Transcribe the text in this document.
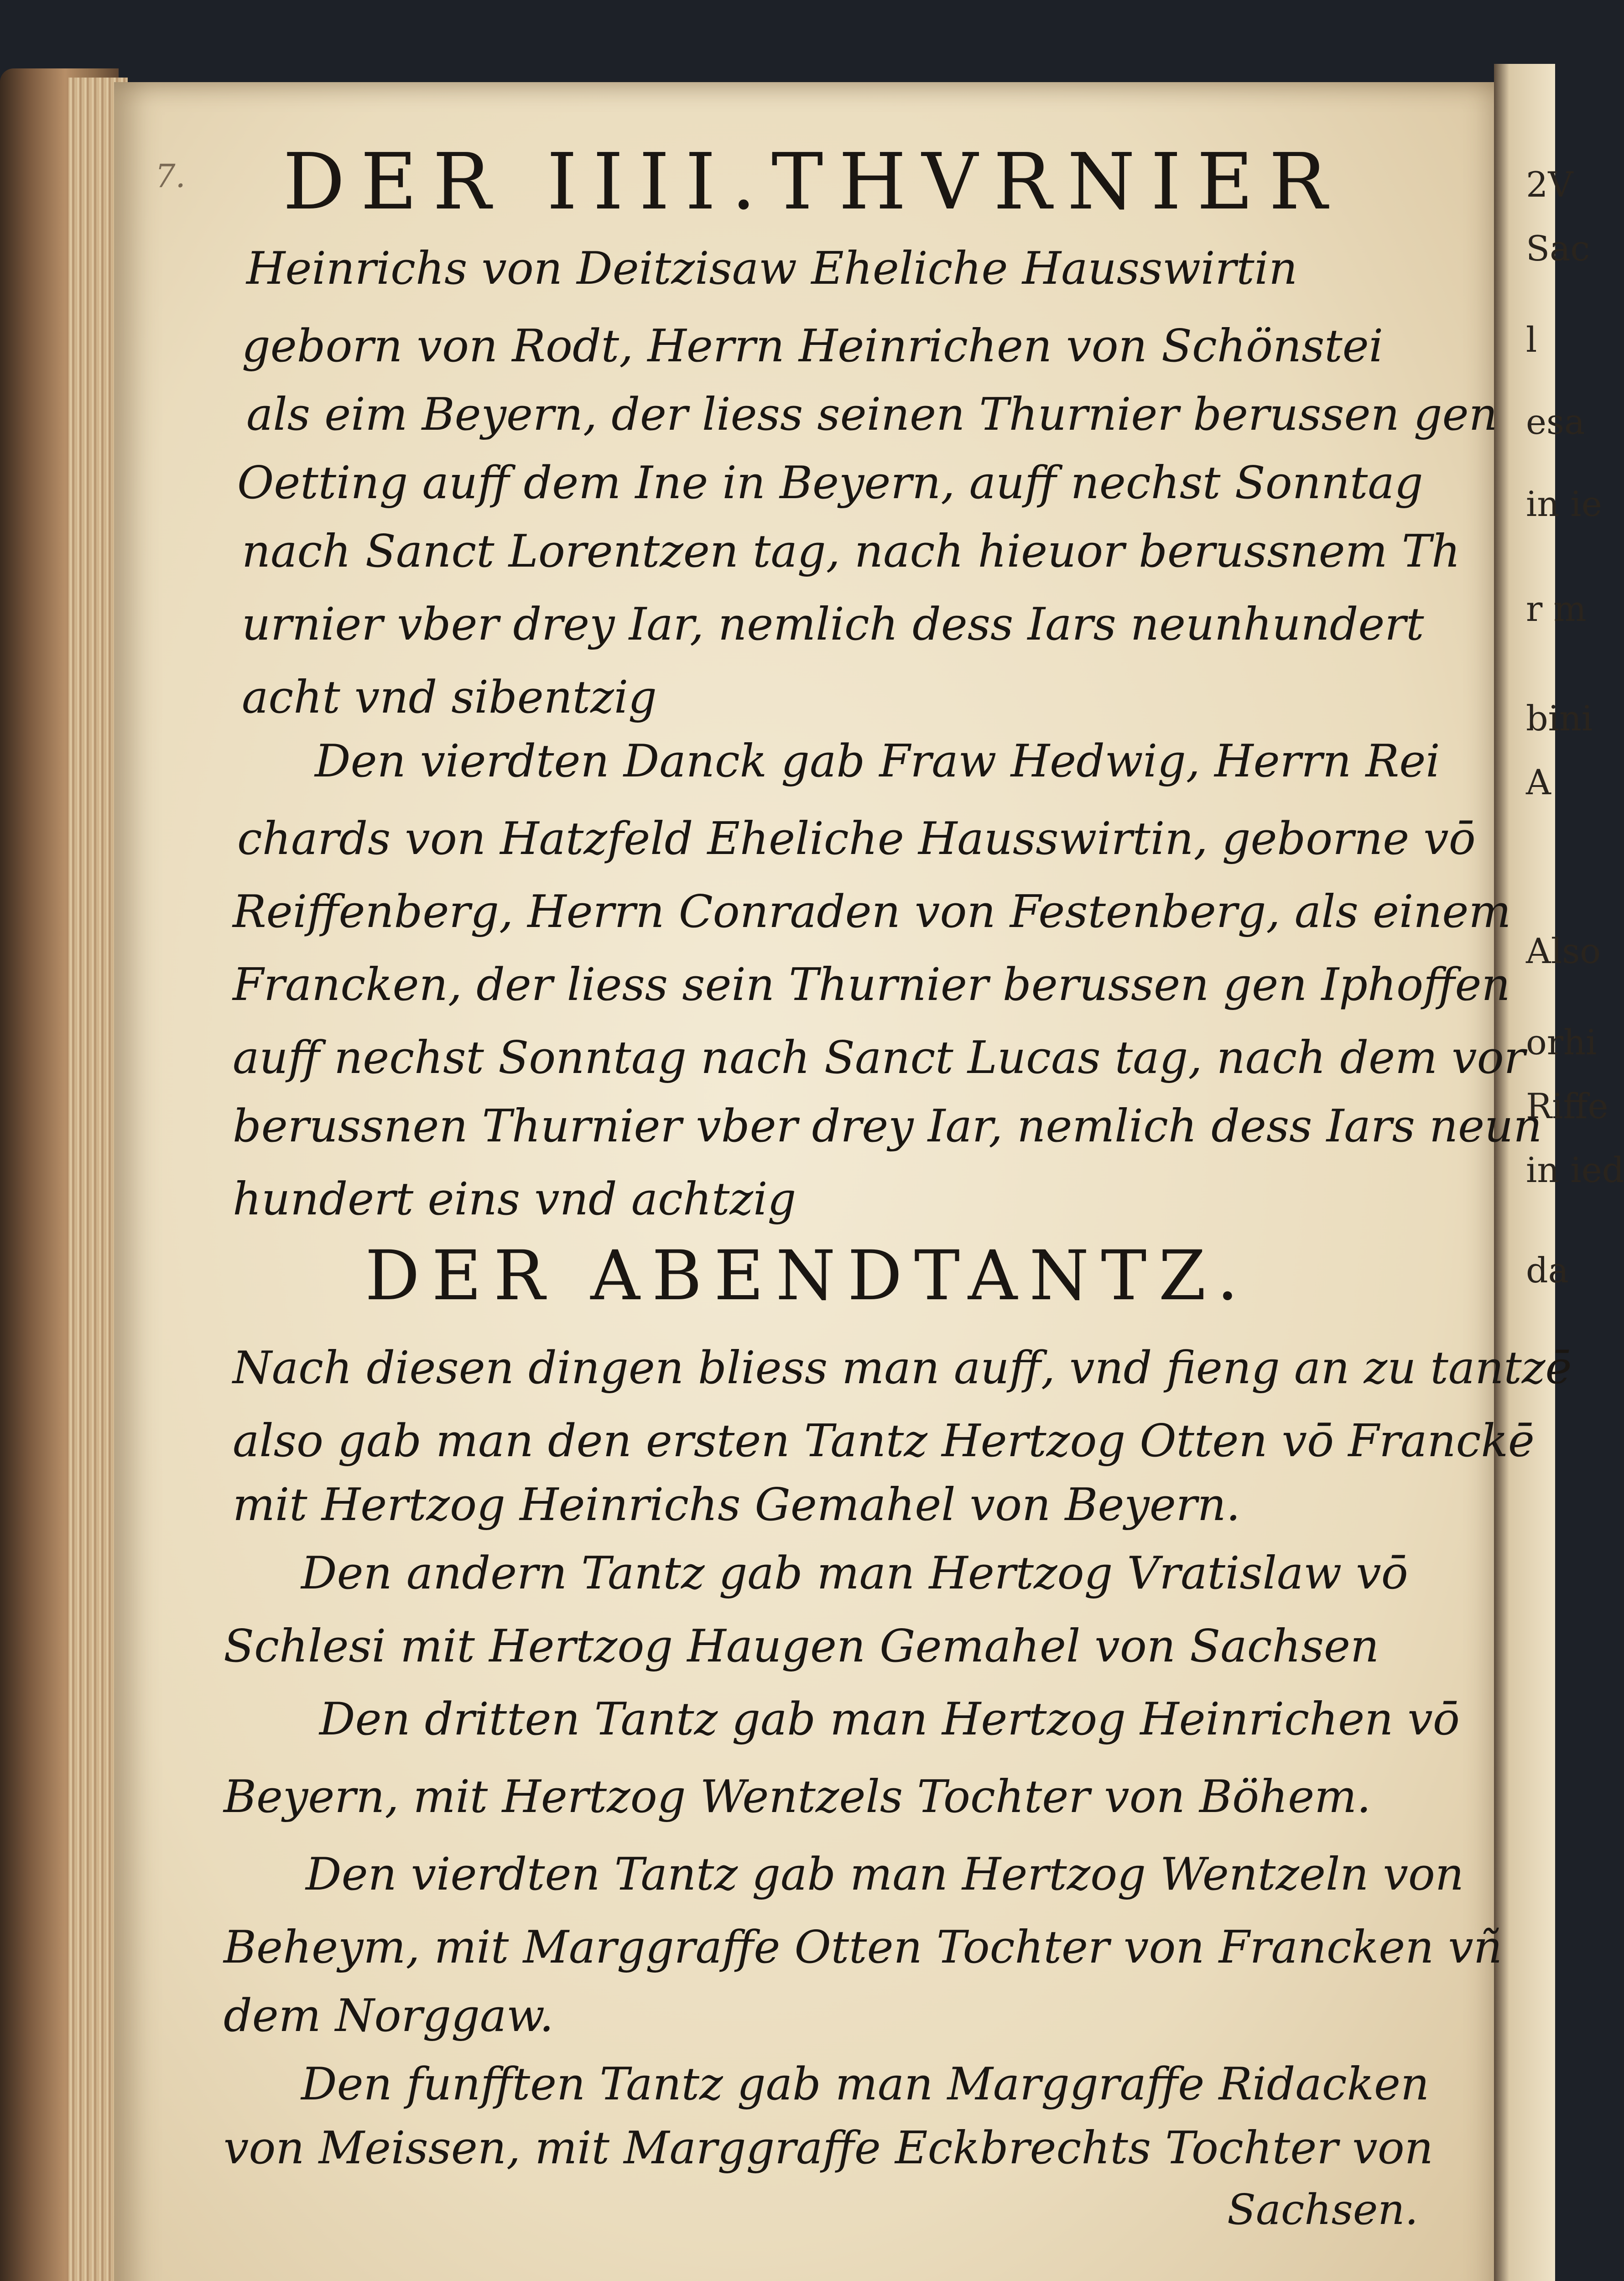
2V
Sac
l
esa
in ie
r m
bini
A
Also
orhi
Riffe
in ied
da
7. DER IIII.THVRNIER
Heinrichs von Deitzisaw Eheliche Hausswirtin
geborn von Rodt, Herrn Heinrichen von Schönstei
als eim Beyern, der liess seinen Thurnier berussen gen
Oetting auff dem Ine in Beyern, auff nechst Sonntag
nach Sanct Lorentzen tag, nach hieuor berussnem Th
urnier vber drey Iar, nemlich dess Iars neunhundert
acht vnd sibentzig
Den vierdten Danck gab Fraw Hedwig, Herrn Rei
chards von Hatzfeld Eheliche Hausswirtin, geborne vō
Reiffenberg, Herrn Conraden von Festenberg, als einem
Francken, der liess sein Thurnier berussen gen Iphoffen
auff nechst Sonntag nach Sanct Lucas tag, nach dem vor
berussnen Thurnier vber drey Iar, nemlich dess Iars neun
hundert eins vnd achtzig
DER ABENDTANTZ.
Nach diesen dingen bliess man auff, vnd fieng an zu tantzē
also gab man den ersten Tantz Hertzog Otten vō Franckē
mit Hertzog Heinrichs Gemahel von Beyern.
Den andern Tantz gab man Hertzog Vratislaw vō
Schlesi mit Hertzog Haugen Gemahel von Sachsen
Den dritten Tantz gab man Hertzog Heinrichen vō
Beyern, mit Hertzog Wentzels Tochter von Böhem.
Den vierdten Tantz gab man Hertzog Wentzeln von
Beheym, mit Marggraffe Otten Tochter von Francken vñ
dem Norggaw.
Den funfften Tantz gab man Marggraffe Ridacken
von Meissen, mit Marggraffe Eckbrechts Tochter von
Sachsen.
